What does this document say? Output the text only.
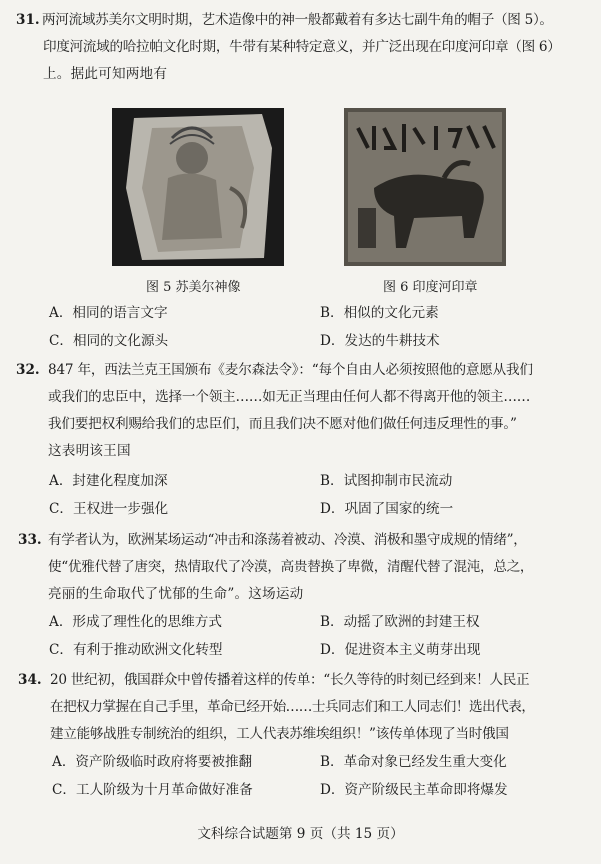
31. 两河流域苏美尔文明时期，艺术造像中的神一般都戴着有多达七副牛角的帽子（图 5）。
印度河流域的哈拉帕文化时期，牛带有某种特定意义，并广泛出现在印度河印章（图 6）
上。据此可知两地有
图 5 苏美尔神像	图 6 印度河印章
A．相同的语言文字	B．相似的文化元素
C．相同的文化源头	D．发达的牛耕技术
32. 847 年，西法兰克王国颁布《麦尔森法令》：“每个自由人必须按照他的意愿从我们
或我们的忠臣中，选择一个领主……如无正当理由任何人都不得离开他的领主……
我们要把权利赐给我们的忠臣们，而且我们决不愿对他们做任何违反理性的事。”
这表明该王国
A．封建化程度加深	B．试图抑制市民流动
C．王权进一步强化	D．巩固了国家的统一
33. 有学者认为，欧洲某场运动“冲击和涤荡着被动、冷漠、消极和墨守成规的情绪”，
使“优雅代替了唐突，热情取代了冷漠，高贵替换了卑微，清醒代替了混沌，总之，
亮丽的生命取代了忧郁的生命”。这场运动
A．形成了理性化的思维方式	B．动摇了欧洲的封建王权
C．有利于推动欧洲文化转型	D．促进资本主义萌芽出现
34. 20 世纪初，俄国群众中曾传播着这样的传单：“长久等待的时刻已经到来！人民正
在把权力掌握在自己手里，革命已经开始……士兵同志们和工人同志们！选出代表，
建立能够战胜专制统治的组织，工人代表苏维埃组织！”该传单体现了当时俄国
A．资产阶级临时政府将要被推翻	B．革命对象已经发生重大变化
C．工人阶级为十月革命做好准备	D．资产阶级民主革命即将爆发
文科综合试题第 9 页（共 15 页）
